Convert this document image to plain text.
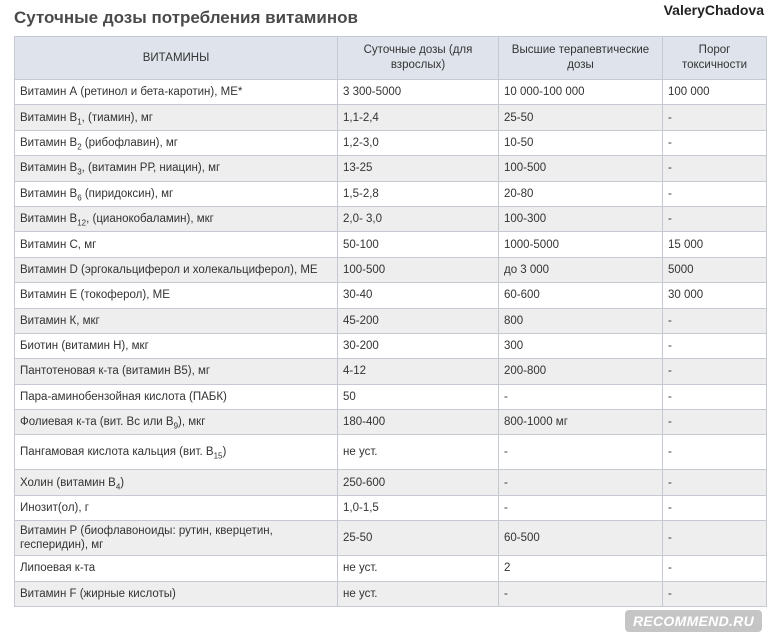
Суточные дозы потребления витаминов	ValeryChadova
ВИТАМИНЫ	Суточные дозы (для взрослых)	Высшие терапевтические дозы	Порог токсичности
Витамин А (ретинол и бета-каротин), МЕ*	3 300-5000	10 000-100 000	100 000
Витамин $В_1$, (тиамин), мг	1,1-2,4	25-50	-
Витамин $В_2$ (рибофлавин), мг	1,2-3,0	10-50	-
Витамин $В_3$, (витамин РР, ниацин), мг	13-25	100-500	-
Витамин $В_6$ (пиридоксин), мг	1,5-2,8	20-80	-
Витамин $В_{12}$, (цианокобаламин), мкг	2,0- 3,0	100-300	-
Витамин С, мг	50-100	1000-5000	15 000
Витамин D (эргокальциферол и холекальциферол), МЕ	100-500	до 3 000	5000
Витамин Е (токоферол), МЕ	30-40	60-600	30 000
Витамин К, мкг	45-200	800	-
Биотин (витамин Н), мкг	30-200	300	-
Пантотеновая к-та (витамин В5), мг	4-12	200-800	-
Пара-аминобензойная кислота (ПАБК)	50	-	-
Фолиевая к-та (вит. Вс или $В_9$), мкг	180-400	800-1000 мг	-
Пангамовая кислота кальция (вит. $В_{15}$)	не уст.	-	-
Холин (витамин $В_4$)	250-600	-	-
Инозит(ол), г	1,0-1,5	-	-
Витамин Р (биофлавоноиды: рутин, кверцетин, гесперидин), мг	25-50	60-500	-
Липоевая к-та	не уст.	2	-
Витамин F (жирные кислоты)	не уст.	-	-
RECOMMEND.RU
